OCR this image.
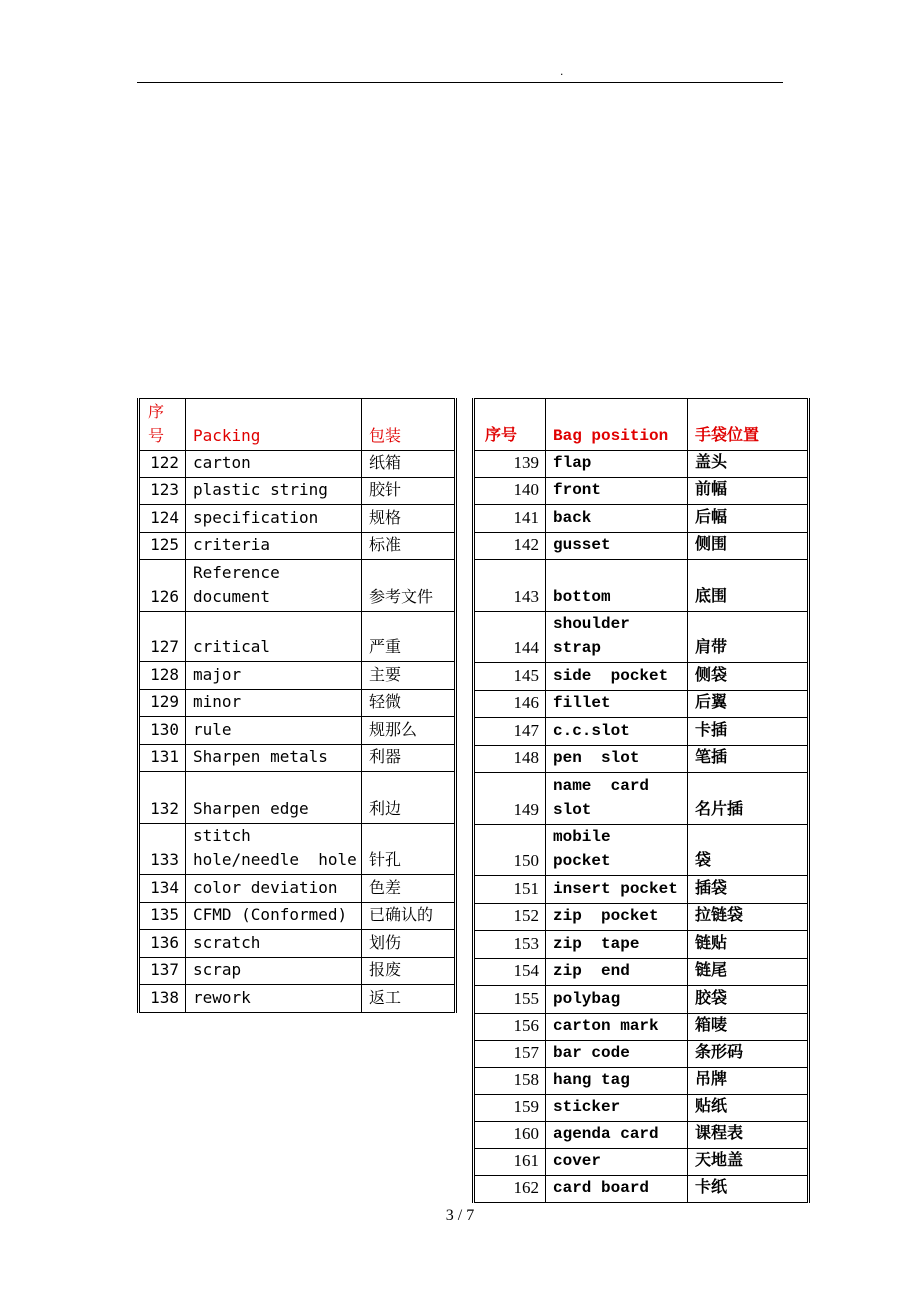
.
序号	Packing	包装
122	carton	纸箱
123	plastic string	胶针
124	specification	规格
125	criteria	标准
126	Reference
document	参考文件
127	critical	严重
128	major	主要
129	minor	轻微
130	rule	规那么
131	Sharpen metals	利器
132	Sharpen edge	利边
133	stitch
hole/needle  hole	针孔
134	color deviation	色差
135	CFMD (Conformed)	已确认的
136	scratch	划伤
137	scrap	报废
138	rework	返工
序号	Bag position	手袋位置
139	flap	盖头
140	front	前幅
141	back	后幅
142	gusset	侧围
143	bottom	底围
144	shoulder
strap	肩带
145	side  pocket	侧袋
146	fillet	后翼
147	c.c.slot	卡插
148	pen  slot	笔插
149	name  card
slot	名片插
150	mobile
pocket	袋
151	insert pocket	插袋
152	zip  pocket	拉链袋
153	zip  tape	链贴
154	zip  end	链尾
155	polybag	胶袋
156	carton mark	箱唛
157	bar code	条形码
158	hang tag	吊牌
159	sticker	贴纸
160	agenda card	课程表
161	cover	天地盖
162	card board	卡纸
3 / 7
